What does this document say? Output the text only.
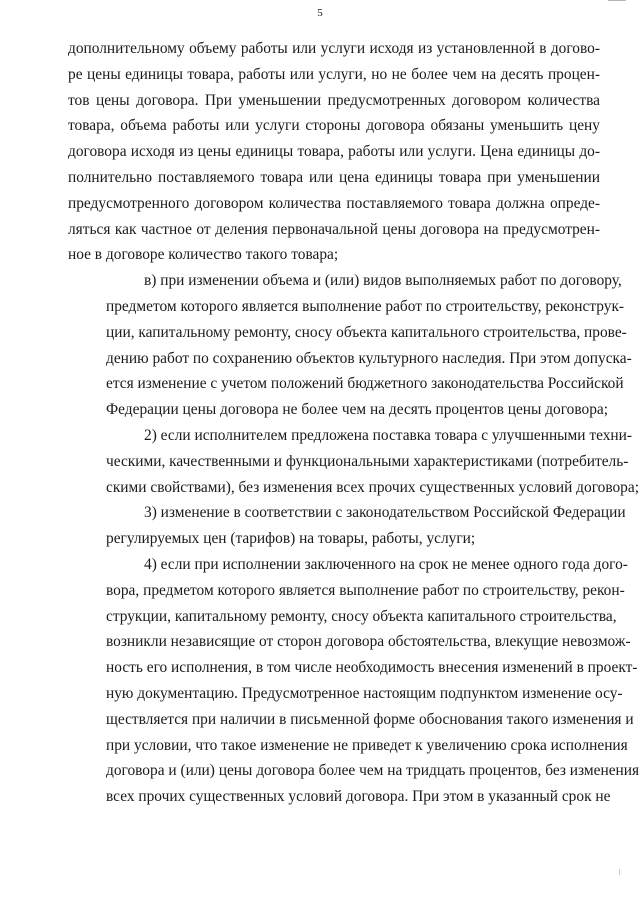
5

дополнительному объему работы или услуги исходя из установленной в догово-
ре цены единицы товара, работы или услуги, но не более чем на десять процен-
тов цены договора. При уменьшении предусмотренных договором количества
товара, объема работы или услуги стороны договора обязаны уменьшить цену
договора исходя из цены единицы товара, работы или услуги. Цена единицы до-
полнительно поставляемого товара или цена единицы товара при уменьшении
предусмотренного договором количества поставляемого товара должна опреде-
ляться как частное от деления первоначальной цены договора на предусмотрен-
ное в договоре количество такого товара;

в) при изменении объема и (или) видов выполняемых работ по договору,
предметом которого является выполнение работ по строительству, реконструк-
ции, капитальному ремонту, сносу объекта капитального строительства, прове-
дению работ по сохранению объектов культурного наследия. При этом допуска-
ется изменение с учетом положений бюджетного законодательства Российской
Федерации цены договора не более чем на десять процентов цены договора;

2) если исполнителем предложена поставка товара с улучшенными техни-
ческими, качественными и функциональными характеристиками (потребитель-
скими свойствами), без изменения всех прочих существенных условий договора;

3) изменение в соответствии с законодательством Российской Федерации
регулируемых цен (тарифов) на товары, работы, услуги;

4) если при исполнении заключенного на срок не менее одного года дого-
вора, предметом которого является выполнение работ по строительству, рекон-
струкции, капитальному ремонту, сносу объекта капитального строительства,
возникли независящие от сторон договора обстоятельства, влекущие невозмож-
ность его исполнения, в том числе необходимость внесения изменений в проект-
ную документацию. Предусмотренное настоящим подпунктом изменение осу-
ществляется при наличии в письменной форме обоснования такого изменения и
при условии, что такое изменение не приведет к увеличению срока исполнения
договора и (или) цены договора более чем на тридцать процентов, без изменения
всех прочих существенных условий договора. При этом в указанный срок не
